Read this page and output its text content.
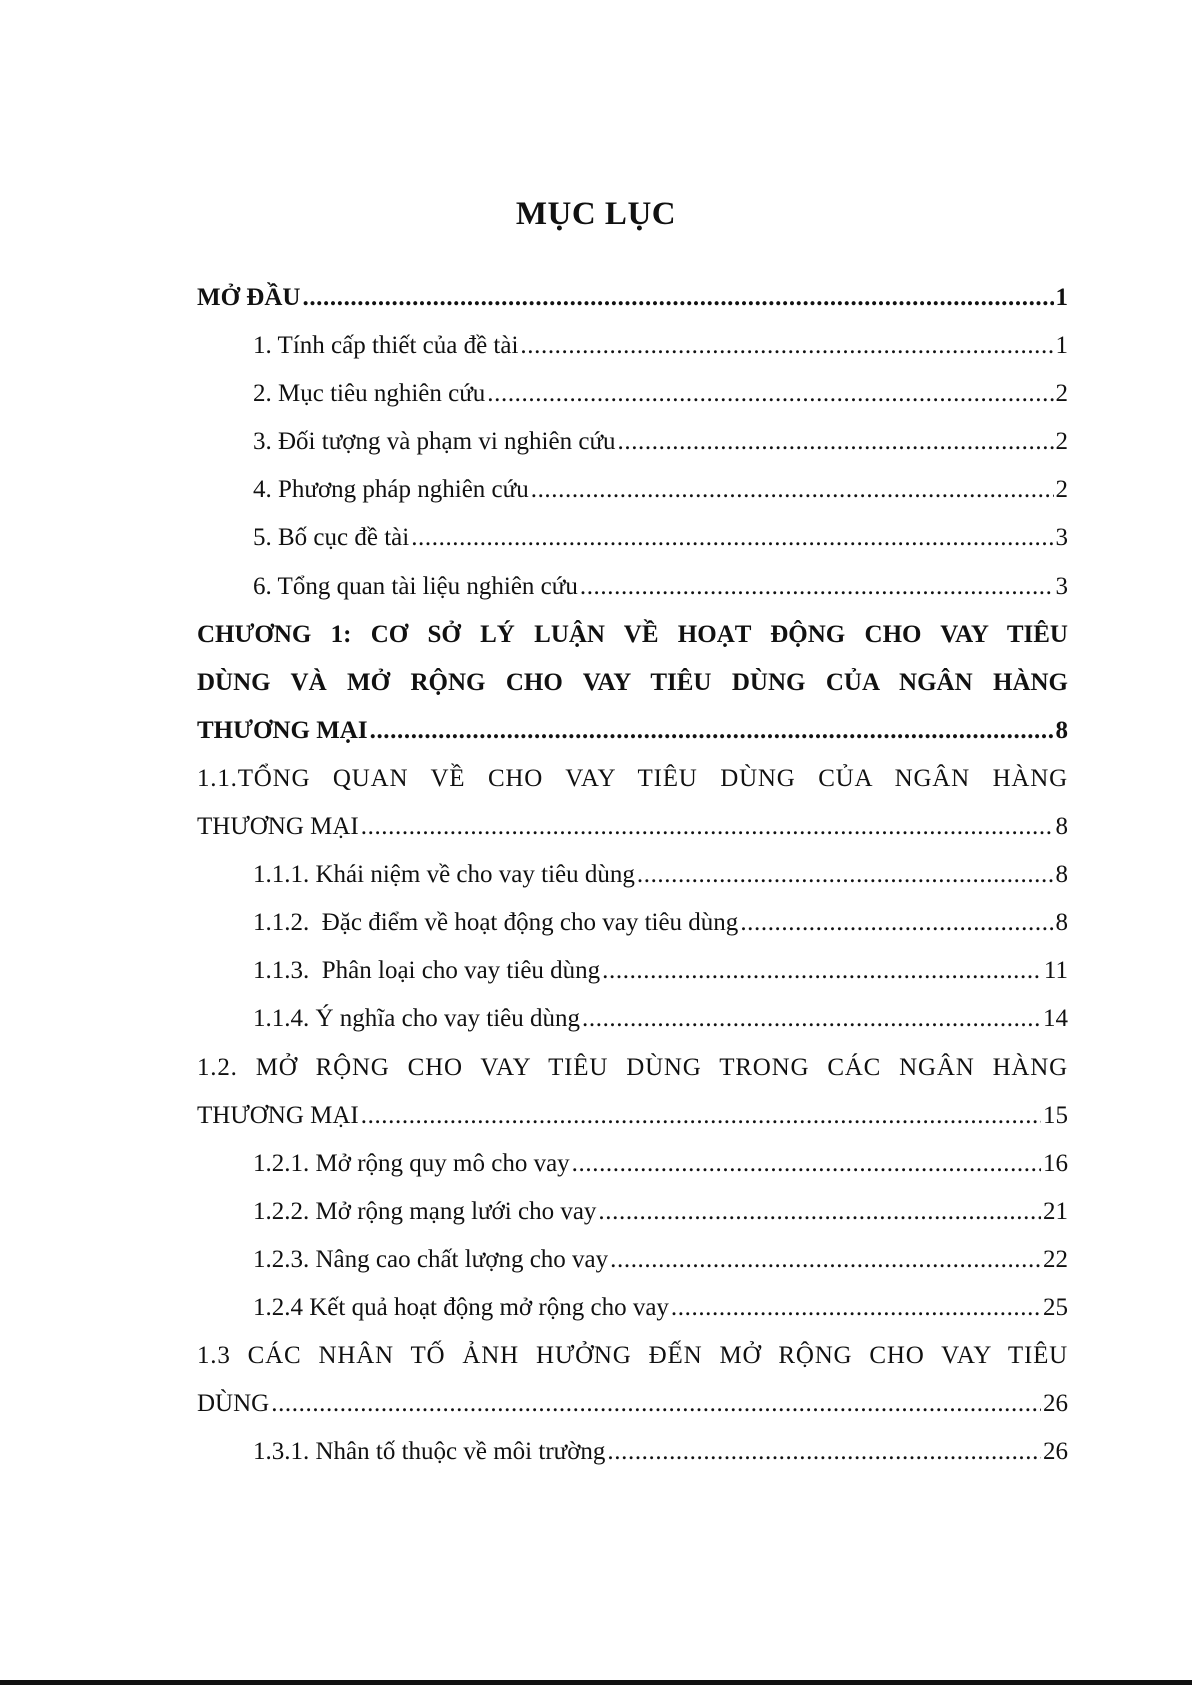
MỤC LỤC
MỞ ĐẦU .....	1
1. Tính cấp thiết của đề tài .....	1
2. Mục tiêu nghiên cứu .....	2
3. Đối tượng và phạm vi nghiên cứu .....	2
4. Phương pháp nghiên cứu .....	2
5. Bố cục đề tài .....	3
6. Tổng quan tài liệu nghiên cứu .....	3
CHƯƠNG 1: CƠ SỞ LÝ LUẬN VỀ HOẠT ĐỘNG CHO VAY TIÊU
DÙNG VÀ MỞ RỘNG CHO VAY TIÊU DÙNG CỦA NGÂN HÀNG
THƯƠNG MẠI .....	8
1.1.TỔNG QUAN VỀ CHO VAY TIÊU DÙNG CỦA NGÂN HÀNG
THƯƠNG MẠI .....	8
1.1.1. Khái niệm về cho vay tiêu dùng .....	8
1.1.2.  Đặc điểm về hoạt động cho vay tiêu dùng .....	8
1.1.3.  Phân loại cho vay tiêu dùng .....	11
1.1.4. Ý nghĩa cho vay tiêu dùng .....	14
1.2. MỞ RỘNG CHO VAY TIÊU DÙNG TRONG CÁC NGÂN HÀNG
THƯƠNG MẠI .....	15
1.2.1. Mở rộng quy mô cho vay .....	16
1.2.2. Mở rộng mạng lưới cho vay .....	21
1.2.3. Nâng cao chất lượng cho vay .....	22
1.2.4 Kết quả hoạt động mở rộng cho vay .....	25
1.3 CÁC NHÂN TỐ ẢNH HƯỞNG ĐẾN MỞ RỘNG CHO VAY TIÊU
DÙNG .....	26
1.3.1. Nhân tố thuộc về môi trường .....	26
